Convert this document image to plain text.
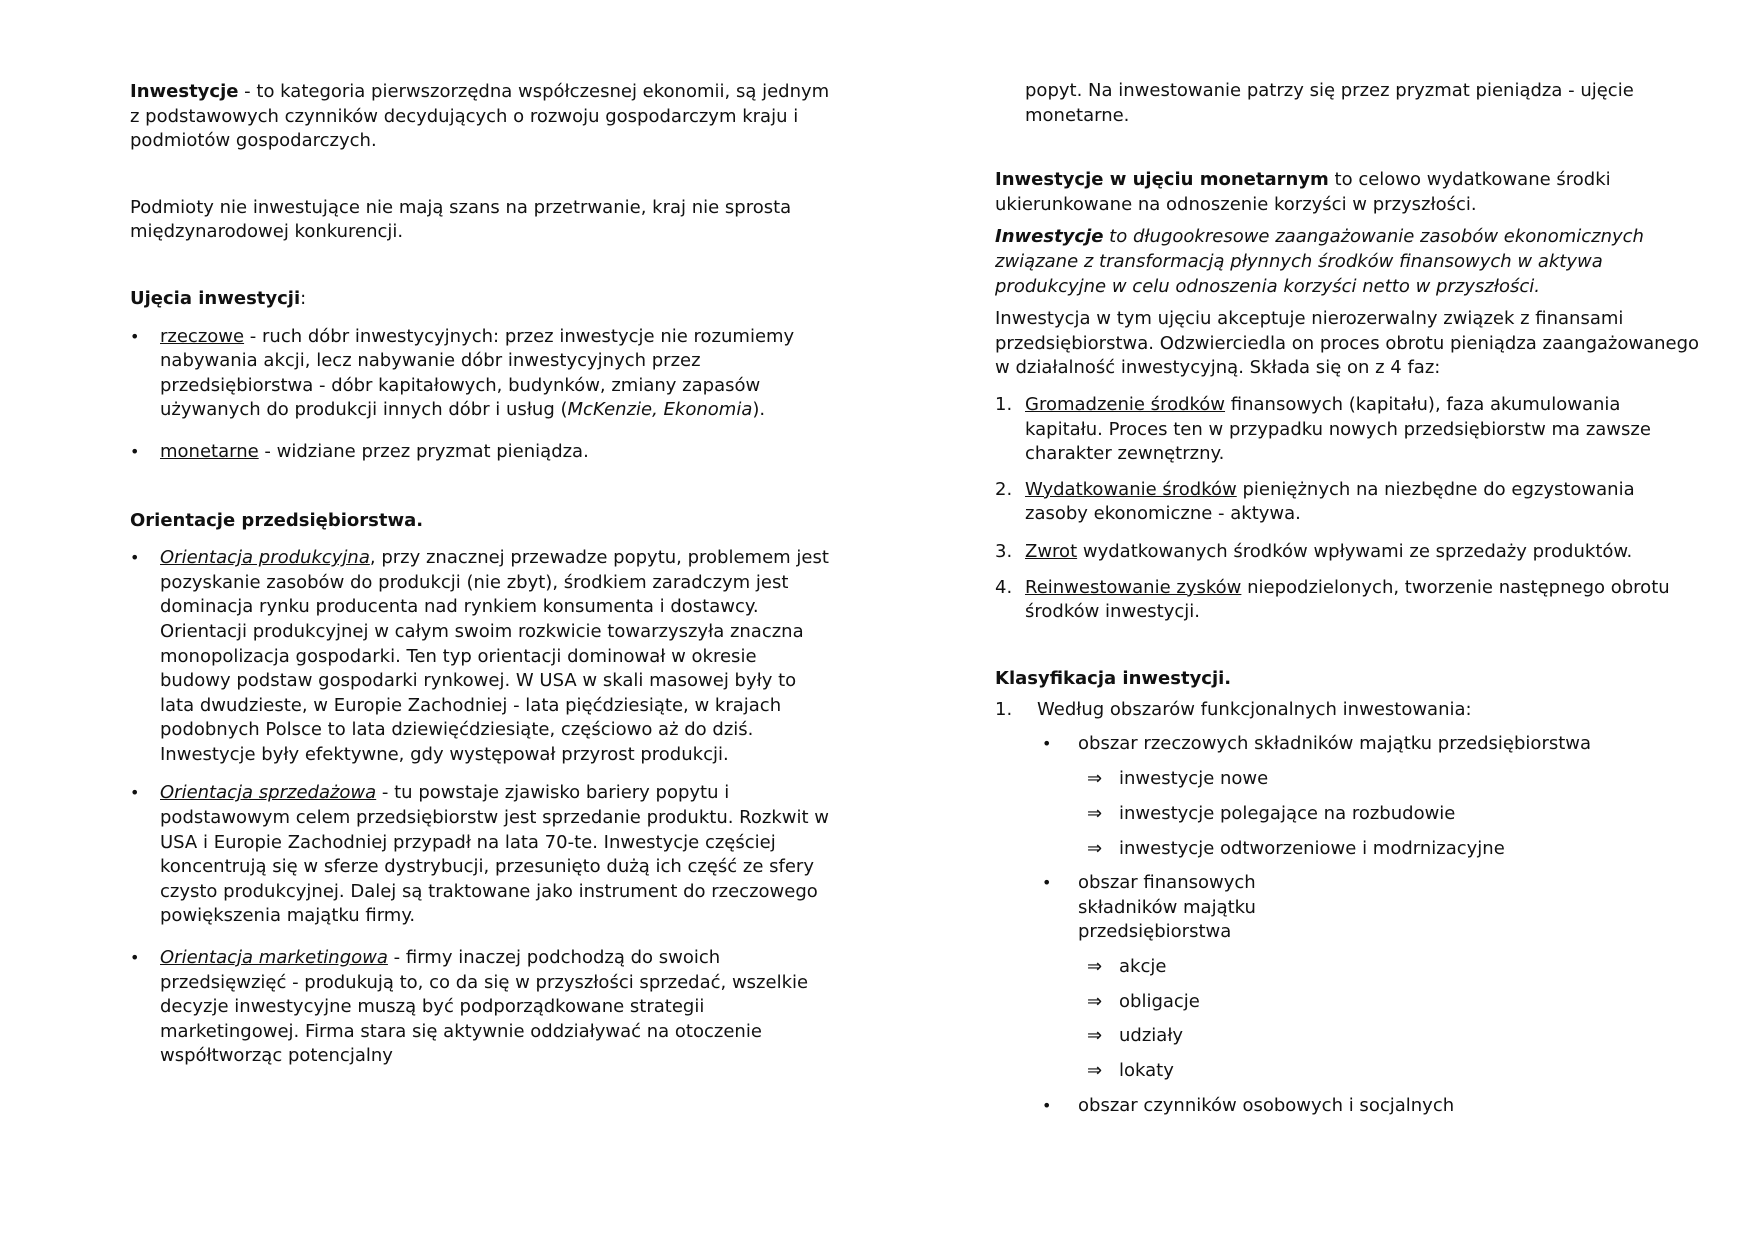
Inwestycje - to kategoria pierwszorzędna współczesnej ekonomii, są jednym z podstawowych czynników decydujących o rozwoju gospodarczym kraju i podmiotów gospodarczych.

Podmioty nie inwestujące nie mają szans na przetrwanie, kraj nie sprosta międzynarodowej konkurencji.

Ujęcia inwestycji:

• rzeczowe - ruch dóbr inwestycyjnych: przez inwestycje nie rozumiemy nabywania akcji, lecz nabywanie dóbr inwestycyjnych przez przedsiębiorstwa - dóbr kapitałowych, budynków, zmiany zapasów używanych do produkcji innych dóbr i usług (McKenzie, Ekonomia).
• monetarne - widziane przez pryzmat pieniądza.

Orientacje przedsiębiorstwa.

• Orientacja produkcyjna, przy znacznej przewadze popytu, problemem jest pozyskanie zasobów do produkcji (nie zbyt), środkiem zaradczym jest dominacja rynku producenta nad rynkiem konsumenta i dostawcy. Orientacji produkcyjnej w całym swoim rozkwicie towarzyszyła znaczna monopolizacja gospodarki. Ten typ orientacji dominował w okresie budowy podstaw gospodarki rynkowej. W USA w skali masowej były to lata dwudzieste, w Europie Zachodniej - lata pięćdziesiąte, w krajach podobnych Polsce to lata dziewięćdziesiąte, częściowo aż do dziś. Inwestycje były efektywne, gdy występował przyrost produkcji.
• Orientacja sprzedażowa - tu powstaje zjawisko bariery popytu i podstawowym celem przedsiębiorstw jest sprzedanie produktu. Rozkwit w USA i Europie Zachodniej przypadł na lata 70-te. Inwestycje częściej koncentrują się w sferze dystrybucji, przesunięto dużą ich część ze sfery czysto produkcyjnej. Dalej są traktowane jako instrument do rzeczowego powiększenia majątku firmy.
• Orientacja marketingowa - firmy inaczej podchodzą do swoich przedsięwzięć - produkują to, co da się w przyszłości sprzedać, wszelkie decyzje inwestycyjne muszą być podporządkowane strategii marketingowej. Firma stara się aktywnie oddziaływać na otoczenie współtworząc potencjalny

popyt. Na inwestowanie patrzy się przez pryzmat pieniądza - ujęcie monetarne.

Inwestycje w ujęciu monetarnym to celowo wydatkowane środki ukierunkowane na odnoszenie korzyści w przyszłości.

Inwestycje to długookresowe zaangażowanie zasobów ekonomicznych związane z transformacją płynnych środków finansowych w aktywa produkcyjne w celu odnoszenia korzyści netto w przyszłości.

Inwestycja w tym ujęciu akceptuje nierozerwalny związek z finansami przedsiębiorstwa. Odzwierciedla on proces obrotu pieniądza zaangażowanego w działalność inwestycyjną. Składa się on z 4 faz:

1. Gromadzenie środków finansowych (kapitału), faza akumulowania kapitału. Proces ten w przypadku nowych przedsiębiorstw ma zawsze charakter zewnętrzny.
2. Wydatkowanie środków pieniężnych na niezbędne do egzystowania zasoby ekonomiczne - aktywa.
3. Zwrot wydatkowanych środków wpływami ze sprzedaży produktów.
4. Reinwestowanie zysków niepodzielonych, tworzenie następnego obrotu środków inwestycji.

Klasyfikacja inwestycji.

1. Według obszarów funkcjonalnych inwestowania:
• obszar rzeczowych składników majątku przedsiębiorstwa
⇒ inwestycje nowe
⇒ inwestycje polegające na rozbudowie
⇒ inwestycje odtworzeniowe i modrnizacyjne
• obszar finansowych składników majątku przedsiębiorstwa
⇒ akcje
⇒ obligacje
⇒ udziały
⇒ lokaty
• obszar czynników osobowych i socjalnych
